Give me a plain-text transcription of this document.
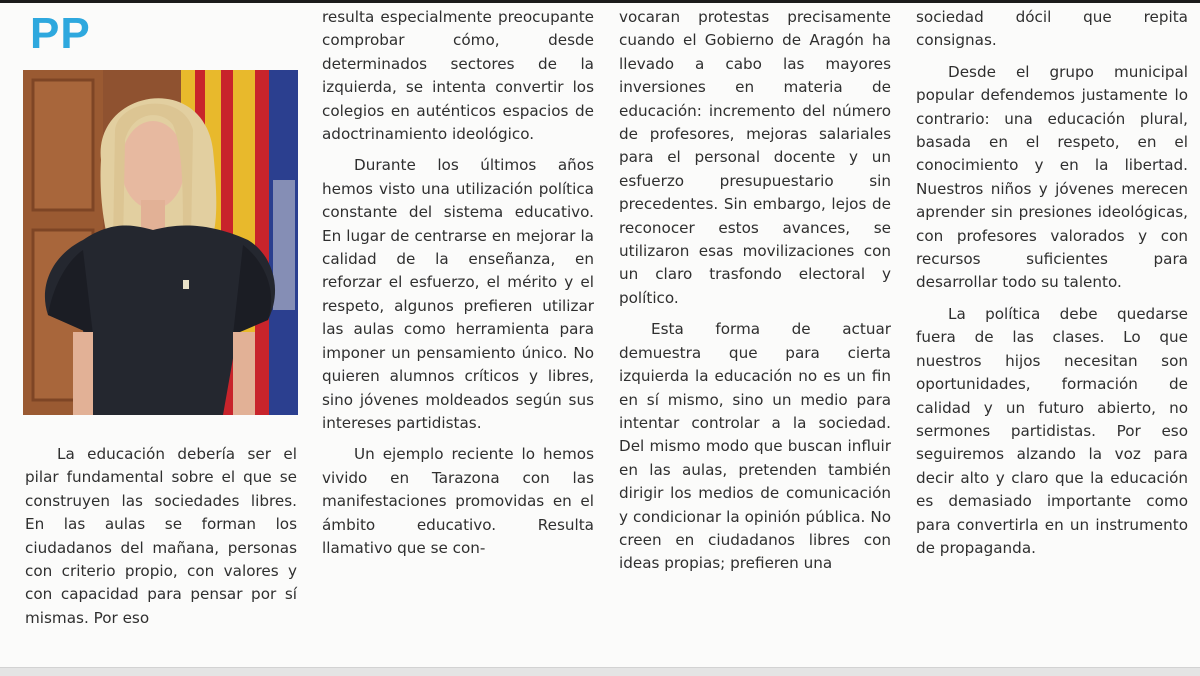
PP

La educación debería ser el pilar fundamental sobre el que se construyen las sociedades libres. En las aulas se forman los ciudadanos del mañana, personas con criterio propio, con valores y con capacidad para pensar por sí mismas. Por eso

resulta especialmente preocupante comprobar cómo, desde determinados sectores de la izquierda, se intenta convertir los colegios en auténticos espacios de adoctrinamiento ideológico.

Durante los últimos años hemos visto una utilización política constante del sistema educativo. En lugar de centrarse en mejorar la calidad de la enseñanza, en reforzar el esfuerzo, el mérito y el respeto, algunos prefieren utilizar las aulas como herramienta para imponer un pensamiento único. No quieren alumnos críticos y libres, sino jóvenes moldeados según sus intereses partidistas.

Un ejemplo reciente lo hemos vivido en Tarazona con las manifestaciones promovidas en el ámbito educativo. Resulta llamativo que se con-

vocaran protestas precisamente cuando el Gobierno de Aragón ha llevado a cabo las mayores inversiones en materia de educación: incremento del número de profesores, mejoras salariales para el personal docente y un esfuerzo presupuestario sin precedentes. Sin embargo, lejos de reconocer estos avances, se utilizaron esas movilizaciones con un claro trasfondo electoral y político.

Esta forma de actuar demuestra que para cierta izquierda la educación no es un fin en sí mismo, sino un medio para intentar controlar a la sociedad. Del mismo modo que buscan influir en las aulas, pretenden también dirigir los medios de comunicación y condicionar la opinión pública. No creen en ciudadanos libres con ideas propias; prefieren una

sociedad dócil que repita consignas.

Desde el grupo municipal popular defendemos justamente lo contrario: una educación plural, basada en el respeto, en el conocimiento y en la libertad. Nuestros niños y jóvenes merecen aprender sin presiones ideológicas, con profesores valorados y con recursos suficientes para desarrollar todo su talento.

La política debe quedarse fuera de las clases. Lo que nuestros hijos necesitan son oportunidades, formación de calidad y un futuro abierto, no sermones partidistas. Por eso seguiremos alzando la voz para decir alto y claro que la educación es demasiado importante como para convertirla en un instrumento de propaganda.
